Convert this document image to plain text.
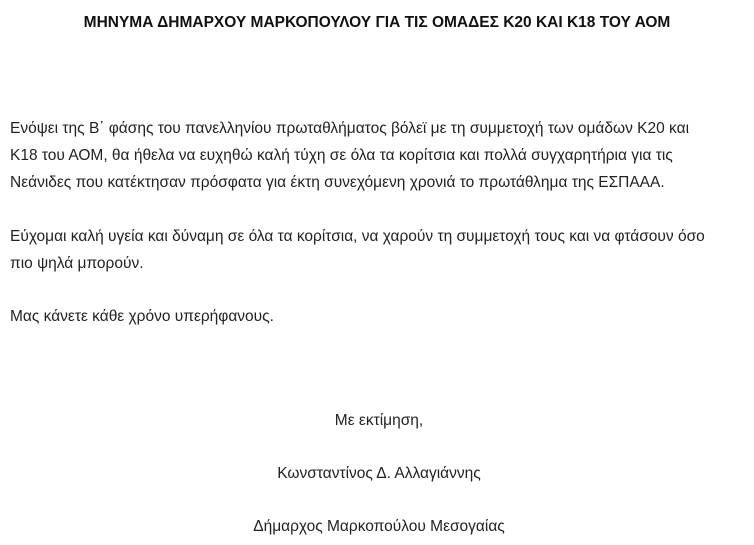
ΜΗΝΥΜΑ ΔΗΜΑΡΧΟΥ ΜΑΡΚΟΠΟΥΛΟΥ ΓΙΑ ΤΙΣ ΟΜΑΔΕΣ Κ20 ΚΑΙ Κ18 ΤΟΥ ΑΟΜ

Ενόψει της Β΄ φάσης του πανελληνίου πρωταθλήματος βόλεϊ με τη συμμετοχή των ομάδων Κ20 και
Κ18 του ΑΟΜ, θα ήθελα να ευχηθώ καλή τύχη σε όλα τα κορίτσια και πολλά συγχαρητήρια για τις
Νεάνιδες που κατέκτησαν πρόσφατα για έκτη συνεχόμενη χρονιά το πρωτάθλημα της ΕΣΠΑΑΑ.

Εύχομαι καλή υγεία και δύναμη σε όλα τα κορίτσια, να χαρούν τη συμμετοχή τους και να φτάσουν όσο
πιο ψηλά μπορούν.

Μας κάνετε κάθε χρόνο υπερήφανους.

Με εκτίμηση,

Κωνσταντίνος Δ. Αλλαγιάννης

Δήμαρχος Μαρκοπούλου Μεσογαίας
